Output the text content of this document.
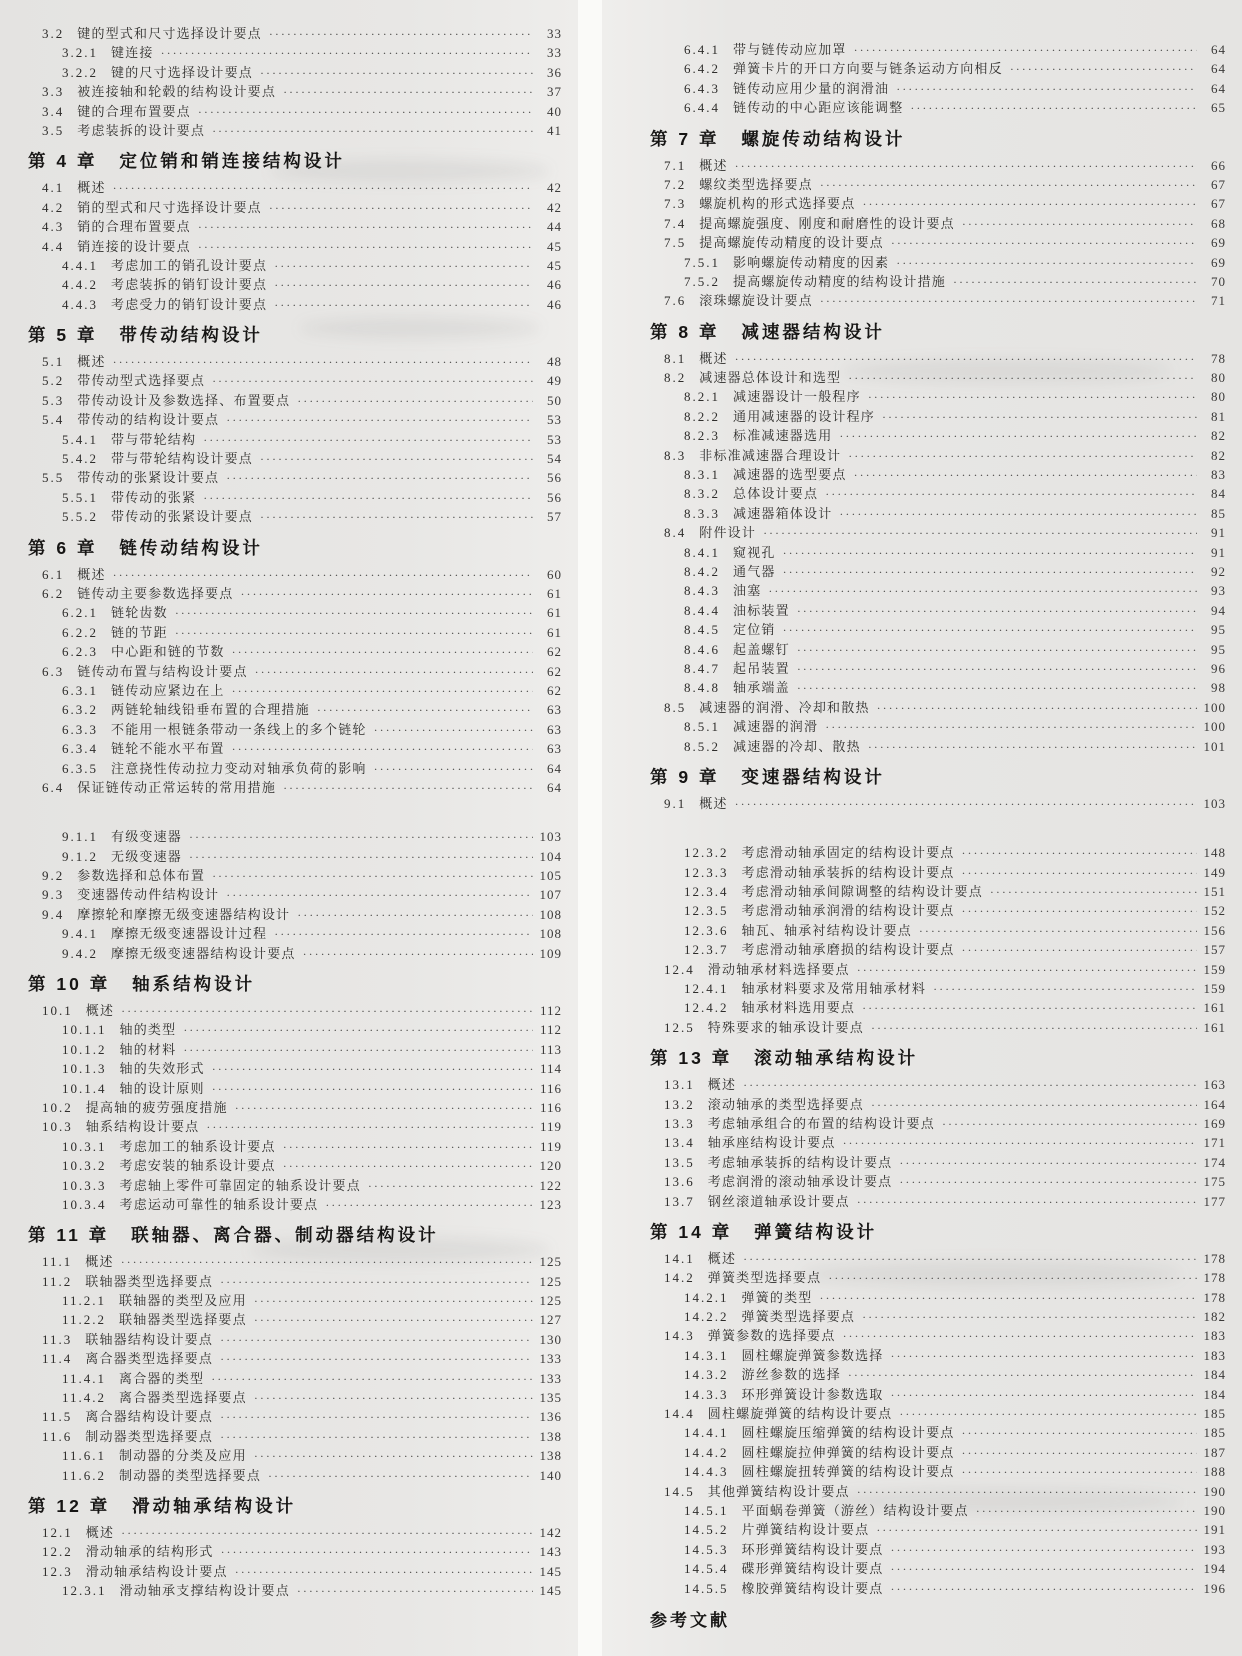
3.2 键的型式和尺寸选择设计要点 ·····	33
3.2.1 键连接 ·····	33
3.2.2 键的尺寸选择设计要点 ·····	36
3.3 被连接轴和轮毂的结构设计要点 ·····	37
3.4 键的合理布置要点 ·····	40
3.5 考虑装拆的设计要点 ·····	41
第 4 章 定位销和销连接结构设计
4.1 概述 ·····	42
4.2 销的型式和尺寸选择设计要点 ·····	42
4.3 销的合理布置要点 ·····	44
4.4 销连接的设计要点 ·····	45
4.4.1 考虑加工的销孔设计要点 ·····	45
4.4.2 考虑装拆的销钉设计要点 ·····	46
4.4.3 考虑受力的销钉设计要点 ·····	46
第 5 章 带传动结构设计
5.1 概述 ·····	48
5.2 带传动型式选择要点 ·····	49
5.3 带传动设计及参数选择、布置要点 ·····	50
5.4 带传动的结构设计要点 ·····	53
5.4.1 带与带轮结构 ·····	53
5.4.2 带与带轮结构设计要点 ·····	54
5.5 带传动的张紧设计要点 ·····	56
5.5.1 带传动的张紧 ·····	56
5.5.2 带传动的张紧设计要点 ·····	57
第 6 章 链传动结构设计
6.1 概述 ·····	60
6.2 链传动主要参数选择要点 ·····	61
6.2.1 链轮齿数 ·····	61
6.2.2 链的节距 ·····	61
6.2.3 中心距和链的节数 ·····	62
6.3 链传动布置与结构设计要点 ·····	62
6.3.1 链传动应紧边在上 ·····	62
6.3.2 两链轮轴线铅垂布置的合理措施 ·····	63
6.3.3 不能用一根链条带动一条线上的多个链轮 ·····	63
6.3.4 链轮不能水平布置 ·····	63
6.3.5 注意挠性传动拉力变动对轴承负荷的影响 ·····	64
6.4 保证链传动正常运转的常用措施 ·····	64
9.1.1 有级变速器 ·····	103
9.1.2 无级变速器 ·····	104
9.2 参数选择和总体布置 ·····	105
9.3 变速器传动件结构设计 ·····	107
9.4 摩擦轮和摩擦无级变速器结构设计 ·····	108
9.4.1 摩擦无级变速器设计过程 ·····	108
9.4.2 摩擦无级变速器结构设计要点 ·····	109
第 10 章 轴系结构设计
10.1 概述 ·····	112
10.1.1 轴的类型 ·····	112
10.1.2 轴的材料 ·····	113
10.1.3 轴的失效形式 ·····	114
10.1.4 轴的设计原则 ·····	116
10.2 提高轴的疲劳强度措施 ·····	116
10.3 轴系结构设计要点 ·····	119
10.3.1 考虑加工的轴系设计要点 ·····	119
10.3.2 考虑安装的轴系设计要点 ·····	120
10.3.3 考虑轴上零件可靠固定的轴系设计要点 ·····	122
10.3.4 考虑运动可靠性的轴系设计要点 ·····	123
第 11 章 联轴器、离合器、制动器结构设计
11.1 概述 ·····	125
11.2 联轴器类型选择要点 ·····	125
11.2.1 联轴器的类型及应用 ·····	125
11.2.2 联轴器类型选择要点 ·····	127
11.3 联轴器结构设计要点 ·····	130
11.4 离合器类型选择要点 ·····	133
11.4.1 离合器的类型 ·····	133
11.4.2 离合器类型选择要点 ·····	135
11.5 离合器结构设计要点 ·····	136
11.6 制动器类型选择要点 ·····	138
11.6.1 制动器的分类及应用 ·····	138
11.6.2 制动器的类型选择要点 ·····	140
第 12 章 滑动轴承结构设计
12.1 概述 ·····	142
12.2 滑动轴承的结构形式 ·····	143
12.3 滑动轴承结构设计要点 ·····	145
12.3.1 滑动轴承支撑结构设计要点 ·····	145
6.4.1 带与链传动应加罩 ·····	64
6.4.2 弹簧卡片的开口方向要与链条运动方向相反 ·····	64
6.4.3 链传动应用少量的润滑油 ·····	64
6.4.4 链传动的中心距应该能调整 ·····	65
第 7 章 螺旋传动结构设计
7.1 概述 ·····	66
7.2 螺纹类型选择要点 ·····	67
7.3 螺旋机构的形式选择要点 ·····	67
7.4 提高螺旋强度、刚度和耐磨性的设计要点 ·····	68
7.5 提高螺旋传动精度的设计要点 ·····	69
7.5.1 影响螺旋传动精度的因素 ·····	69
7.5.2 提高螺旋传动精度的结构设计措施 ·····	70
7.6 滚珠螺旋设计要点 ·····	71
第 8 章 减速器结构设计
8.1 概述 ·····	78
8.2 减速器总体设计和选型 ·····	80
8.2.1 减速器设计一般程序 ·····	80
8.2.2 通用减速器的设计程序 ·····	81
8.2.3 标准减速器选用 ·····	82
8.3 非标准减速器合理设计 ·····	82
8.3.1 减速器的选型要点 ·····	83
8.3.2 总体设计要点 ·····	84
8.3.3 减速器箱体设计 ·····	85
8.4 附件设计 ·····	91
8.4.1 窥视孔 ·····	91
8.4.2 通气器 ·····	92
8.4.3 油塞 ·····	93
8.4.4 油标装置 ·····	94
8.4.5 定位销 ·····	95
8.4.6 起盖螺钉 ·····	95
8.4.7 起吊装置 ·····	96
8.4.8 轴承端盖 ·····	98
8.5 减速器的润滑、冷却和散热 ·····	100
8.5.1 减速器的润滑 ·····	100
8.5.2 减速器的冷却、散热 ·····	101
第 9 章 变速器结构设计
9.1 概述 ·····	103
12.3.2 考虑滑动轴承固定的结构设计要点 ·····	148
12.3.3 考虑滑动轴承装拆的结构设计要点 ·····	149
12.3.4 考虑滑动轴承间隙调整的结构设计要点 ·····	151
12.3.5 考虑滑动轴承润滑的结构设计要点 ·····	152
12.3.6 轴瓦、轴承衬结构设计要点 ·····	156
12.3.7 考虑滑动轴承磨损的结构设计要点 ·····	157
12.4 滑动轴承材料选择要点 ·····	159
12.4.1 轴承材料要求及常用轴承材料 ·····	159
12.4.2 轴承材料选用要点 ·····	161
12.5 特殊要求的轴承设计要点 ·····	161
第 13 章 滚动轴承结构设计
13.1 概述 ·····	163
13.2 滚动轴承的类型选择要点 ·····	164
13.3 考虑轴承组合的布置的结构设计要点 ·····	169
13.4 轴承座结构设计要点 ·····	171
13.5 考虑轴承装拆的结构设计要点 ·····	174
13.6 考虑润滑的滚动轴承设计要点 ·····	175
13.7 钢丝滚道轴承设计要点 ·····	177
第 14 章 弹簧结构设计
14.1 概述 ·····	178
14.2 弹簧类型选择要点 ·····	178
14.2.1 弹簧的类型 ·····	178
14.2.2 弹簧类型选择要点 ·····	182
14.3 弹簧参数的选择要点 ·····	183
14.3.1 圆柱螺旋弹簧参数选择 ·····	183
14.3.2 游丝参数的选择 ·····	184
14.3.3 环形弹簧设计参数选取 ·····	184
14.4 圆柱螺旋弹簧的结构设计要点 ·····	185
14.4.1 圆柱螺旋压缩弹簧的结构设计要点 ·····	185
14.4.2 圆柱螺旋拉伸弹簧的结构设计要点 ·····	187
14.4.3 圆柱螺旋扭转弹簧的结构设计要点 ·····	188
14.5 其他弹簧结构设计要点 ·····	190
14.5.1 平面蜗卷弹簧（游丝）结构设计要点 ·····	190
14.5.2 片弹簧结构设计要点 ·····	191
14.5.3 环形弹簧结构设计要点 ·····	193
14.5.4 碟形弹簧结构设计要点 ·····	194
14.5.5 橡胶弹簧结构设计要点 ·····	196
参考文献
